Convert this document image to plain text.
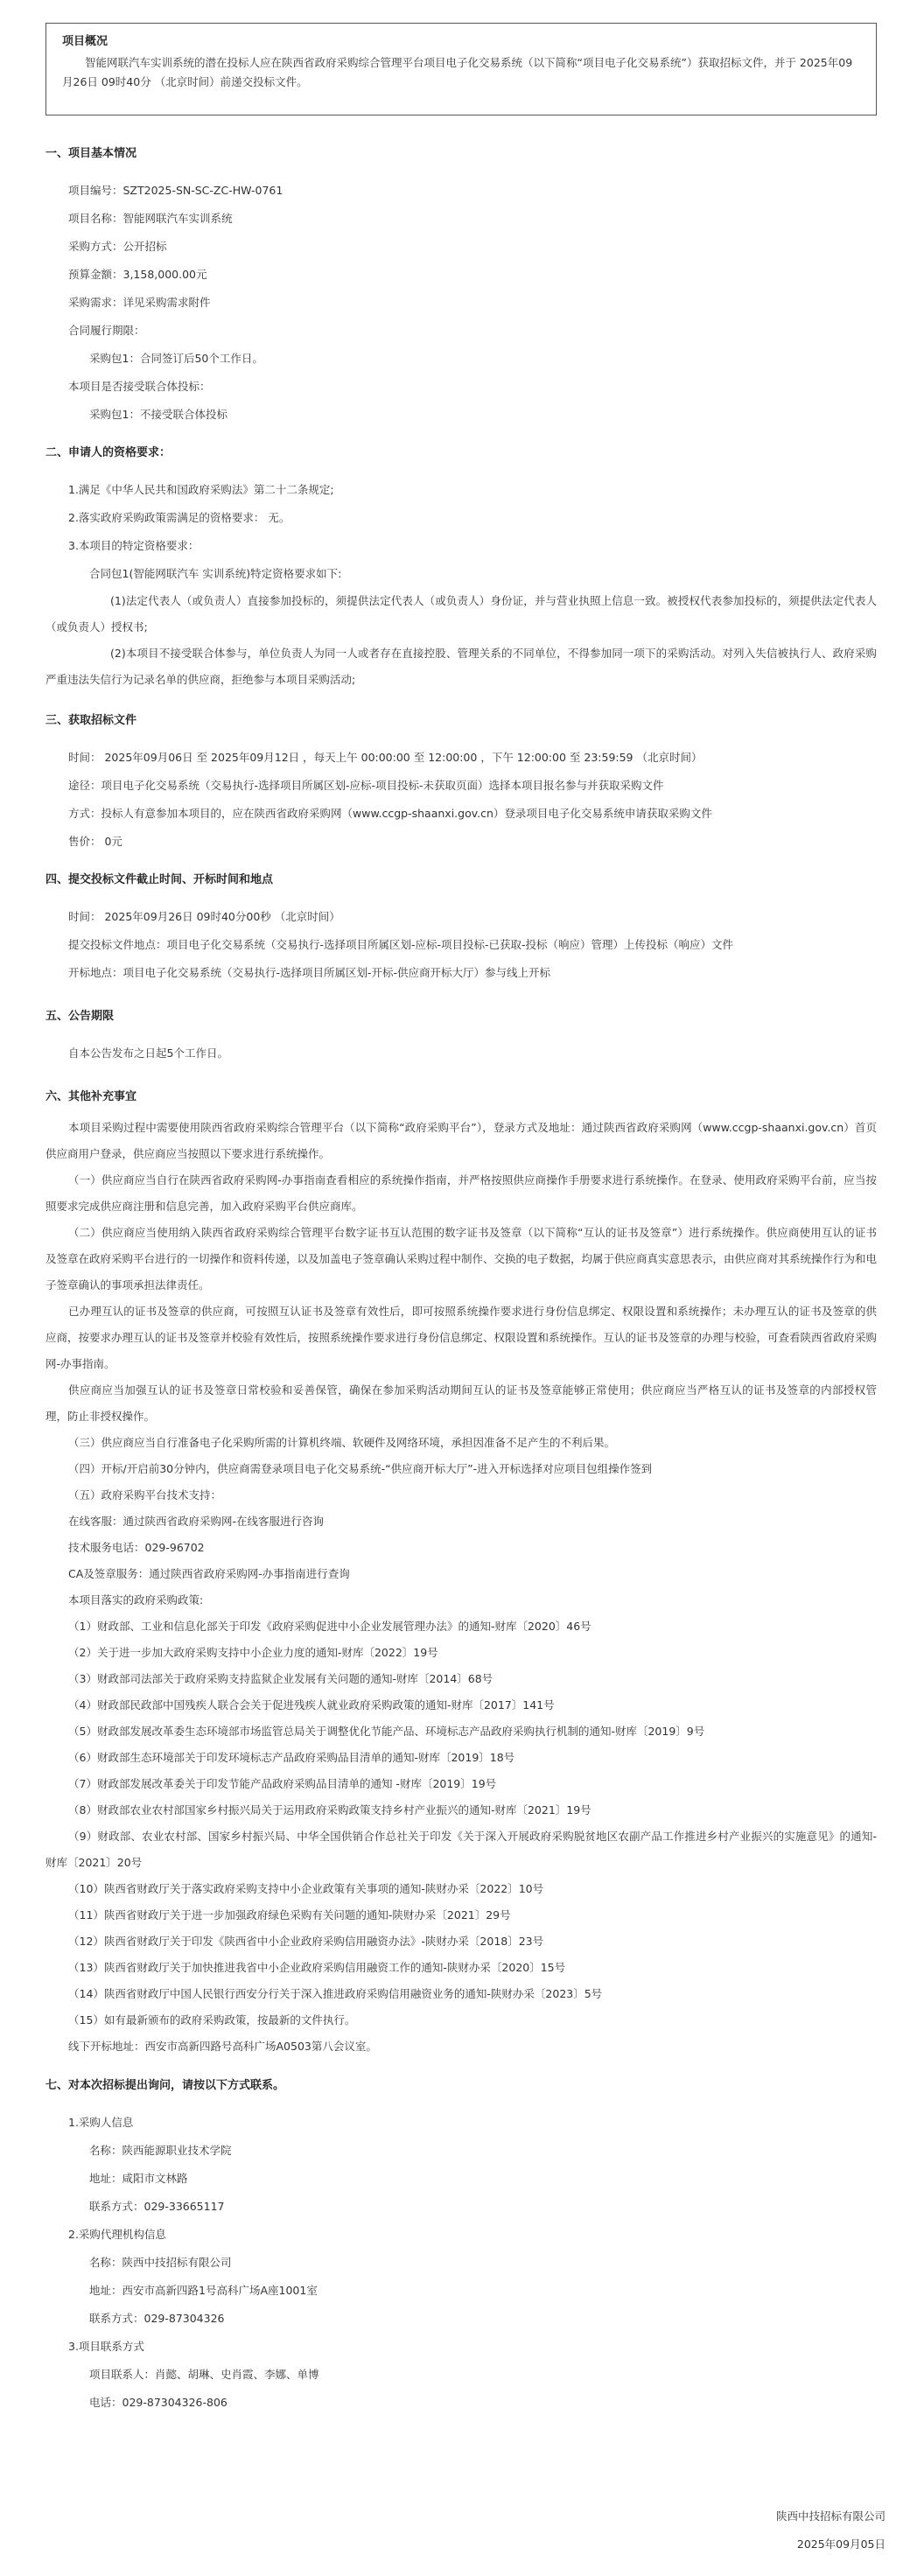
项目概况
智能网联汽车实训系统的潜在投标人应在陕西省政府采购综合管理平台项目电子化交易系统（以下简称“项目电子化交易系统”）获取招标文件，并于 2025年09月26日 09时40分 （北京时间）前递交投标文件。
一、项目基本情况
项目编号：SZT2025-SN-SC-ZC-HW-0761
项目名称：智能网联汽车实训系统
采购方式：公开招标
预算金额：3,158,000.00元
采购需求：详见采购需求附件
合同履行期限：
采购包1：合同签订后50个工作日。
本项目是否接受联合体投标：
采购包1：不接受联合体投标
二、申请人的资格要求：
1.满足《中华人民共和国政府采购法》第二十二条规定;
2.落实政府采购政策需满足的资格要求： 无。
3.本项目的特定资格要求：
合同包1(智能网联汽车 实训系统)特定资格要求如下:
(1)法定代表人（或负责人）直接参加投标的，须提供法定代表人（或负责人）身份证，并与营业执照上信息一致。被授权代表参加投标的，须提供法定代表人（或负责人）授权书;
(2)本项目不接受联合体参与，单位负责人为同一人或者存在直接控股、管理关系的不同单位，不得参加同一项下的采购活动。对列入失信被执行人、政府采购严重违法失信行为记录名单的供应商，拒绝参与本项目采购活动;
三、获取招标文件
时间： 2025年09月06日 至 2025年09月12日 ，每天上午 00:00:00 至 12:00:00 ，下午 12:00:00 至 23:59:59 （北京时间）
途径：项目电子化交易系统（交易执行-选择项目所属区划-应标-项目投标-未获取页面）选择本项目报名参与并获取采购文件
方式：投标人有意参加本项目的，应在陕西省政府采购网（www.ccgp-shaanxi.gov.cn）登录项目电子化交易系统申请获取采购文件
售价： 0元
四、提交投标文件截止时间、开标时间和地点
时间： 2025年09月26日 09时40分00秒 （北京时间）
提交投标文件地点：项目电子化交易系统（交易执行-选择项目所属区划-应标-项目投标-已获取-投标（响应）管理）上传投标（响应）文件
开标地点：项目电子化交易系统（交易执行-选择项目所属区划-开标-供应商开标大厅）参与线上开标
五、公告期限
自本公告发布之日起5个工作日。
六、其他补充事宜
本项目采购过程中需要使用陕西省政府采购综合管理平台（以下简称“政府采购平台”），登录方式及地址：通过陕西省政府采购网（www.ccgp-shaanxi.gov.cn）首页供应商用户登录，供应商应当按照以下要求进行系统操作。
（一）供应商应当自行在陕西省政府采购网-办事指南查看相应的系统操作指南，并严格按照供应商操作手册要求进行系统操作。在登录、使用政府采购平台前，应当按照要求完成供应商注册和信息完善，加入政府采购平台供应商库。
（二）供应商应当使用纳入陕西省政府采购综合管理平台数字证书互认范围的数字证书及签章（以下简称“互认的证书及签章”）进行系统操作。供应商使用互认的证书及签章在政府采购平台进行的一切操作和资料传递，以及加盖电子签章确认采购过程中制作、交换的电子数据，均属于供应商真实意思表示，由供应商对其系统操作行为和电子签章确认的事项承担法律责任。
已办理互认的证书及签章的供应商，可按照互认证书及签章有效性后，即可按照系统操作要求进行身份信息绑定、权限设置和系统操作；未办理互认的证书及签章的供应商，按要求办理互认的证书及签章并校验有效性后，按照系统操作要求进行身份信息绑定、权限设置和系统操作。互认的证书及签章的办理与校验，可查看陕西省政府采购网-办事指南。
供应商应当加强互认的证书及签章日常校验和妥善保管，确保在参加采购活动期间互认的证书及签章能够正常使用；供应商应当严格互认的证书及签章的内部授权管理，防止非授权操作。
（三）供应商应当自行准备电子化采购所需的计算机终端、软硬件及网络环境，承担因准备不足产生的不利后果。
（四）开标/开启前30分钟内，供应商需登录项目电子化交易系统-“供应商开标大厅”-进入开标选择对应项目包组操作签到
（五）政府采购平台技术支持：
在线客服：通过陕西省政府采购网-在线客服进行咨询
技术服务电话：029-96702
CA及签章服务：通过陕西省政府采购网-办事指南进行查询
本项目落实的政府采购政策:
（1）财政部、工业和信息化部关于印发《政府采购促进中小企业发展管理办法》的通知-财库〔2020〕46号
（2）关于进一步加大政府采购支持中小企业力度的通知-财库〔2022〕19号
（3）财政部司法部关于政府采购支持监狱企业发展有关问题的通知-财库〔2014〕68号
（4）财政部民政部中国残疾人联合会关于促进残疾人就业政府采购政策的通知-财库〔2017〕141号
（5）财政部发展改革委生态环境部市场监管总局关于调整优化节能产品、环境标志产品政府采购执行机制的通知-财库〔2019〕9号
（6）财政部生态环境部关于印发环境标志产品政府采购品目清单的通知-财库〔2019〕18号
（7）财政部发展改革委关于印发节能产品政府采购品目清单的通知 -财库〔2019〕19号
（8）财政部农业农村部国家乡村振兴局关于运用政府采购政策支持乡村产业振兴的通知-财库〔2021〕19号
（9）财政部、农业农村部、国家乡村振兴局、中华全国供销合作总社关于印发《关于深入开展政府采购脱贫地区农副产品工作推进乡村产业振兴的实施意见》的通知-财库〔2021〕20号
（10）陕西省财政厅关于落实政府采购支持中小企业政策有关事项的通知-陕财办采〔2022〕10号
（11）陕西省财政厅关于进一步加强政府绿色采购有关问题的通知-陕财办采〔2021〕29号
（12）陕西省财政厅关于印发《陕西省中小企业政府采购信用融资办法》-陕财办采〔2018〕23号
（13）陕西省财政厅关于加快推进我省中小企业政府采购信用融资工作的通知-陕财办采〔2020〕15号
（14）陕西省财政厅中国人民银行西安分行关于深入推进政府采购信用融资业务的通知-陕财办采〔2023〕5号
（15）如有最新颁布的政府采购政策，按最新的文件执行。
线下开标地址：西安市高新四路号高科广场A0503第八会议室。
七、对本次招标提出询问，请按以下方式联系。
1.采购人信息
名称：陕西能源职业技术学院
地址：咸阳市文林路
联系方式：029-33665117
2.采购代理机构信息
名称：陕西中技招标有限公司
地址：西安市高新四路1号高科广场A座1001室
联系方式：029-87304326
3.项目联系方式
项目联系人：肖懿、胡琳、史肖霞、李娜、单博
电话：029-87304326-806
陕西中技招标有限公司
2025年09月05日
